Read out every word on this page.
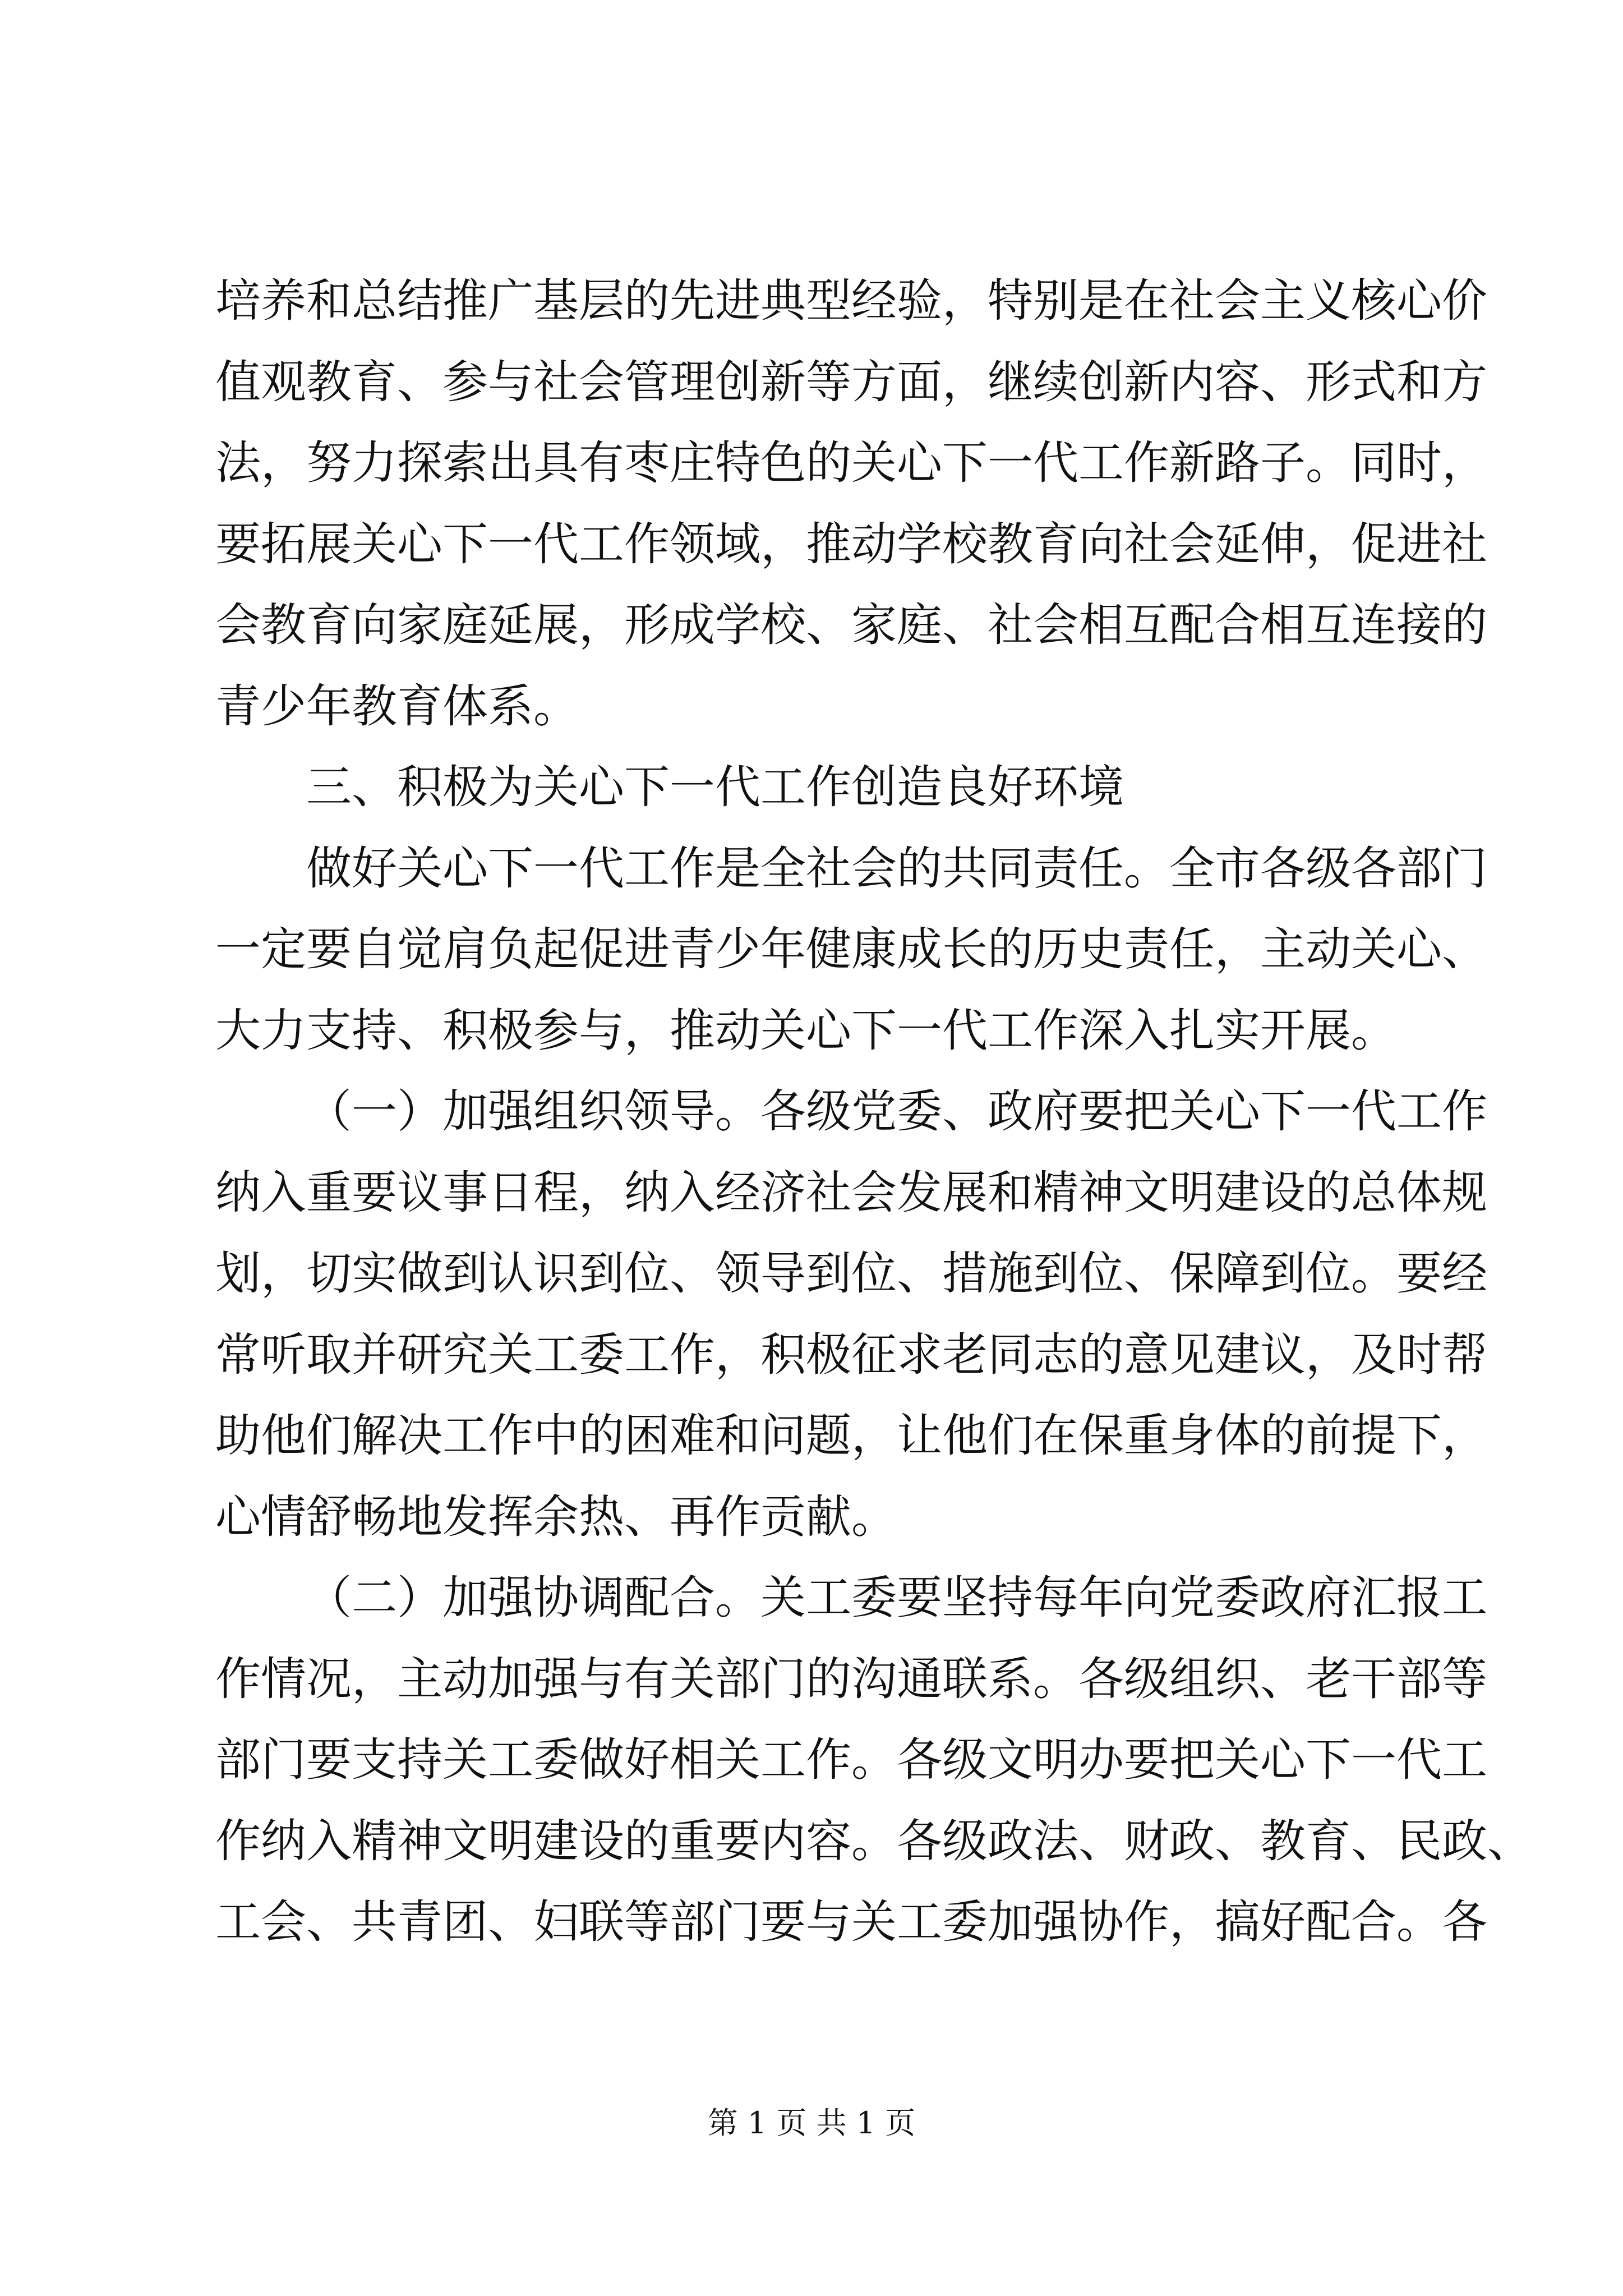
培养和总结推广基层的先进典型经验，特别是在社会主义核心价
值观教育、参与社会管理创新等方面，继续创新内容、形式和方
法，努力探索出具有枣庄特色的关心下一代工作新路子。同时，
要拓展关心下一代工作领域，推动学校教育向社会延伸，促进社
会教育向家庭延展，形成学校、家庭、社会相互配合相互连接的
青少年教育体系。
三、积极为关心下一代工作创造良好环境
做好关心下一代工作是全社会的共同责任。全市各级各部门
一定要自觉肩负起促进青少年健康成长的历史责任，主动关心、
大力支持、积极参与，推动关心下一代工作深入扎实开展。
（一）加强组织领导。各级党委、政府要把关心下一代工作
纳入重要议事日程，纳入经济社会发展和精神文明建设的总体规
划，切实做到认识到位、领导到位、措施到位、保障到位。要经
常听取并研究关工委工作，积极征求老同志的意见建议，及时帮
助他们解决工作中的困难和问题，让他们在保重身体的前提下，
心情舒畅地发挥余热、再作贡献。
（二）加强协调配合。关工委要坚持每年向党委政府汇报工
作情况，主动加强与有关部门的沟通联系。各级组织、老干部等
部门要支持关工委做好相关工作。各级文明办要把关心下一代工
作纳入精神文明建设的重要内容。各级政法、财政、教育、民政、
工会、共青团、妇联等部门要与关工委加强协作，搞好配合。各
第 1 页 共 1 页
